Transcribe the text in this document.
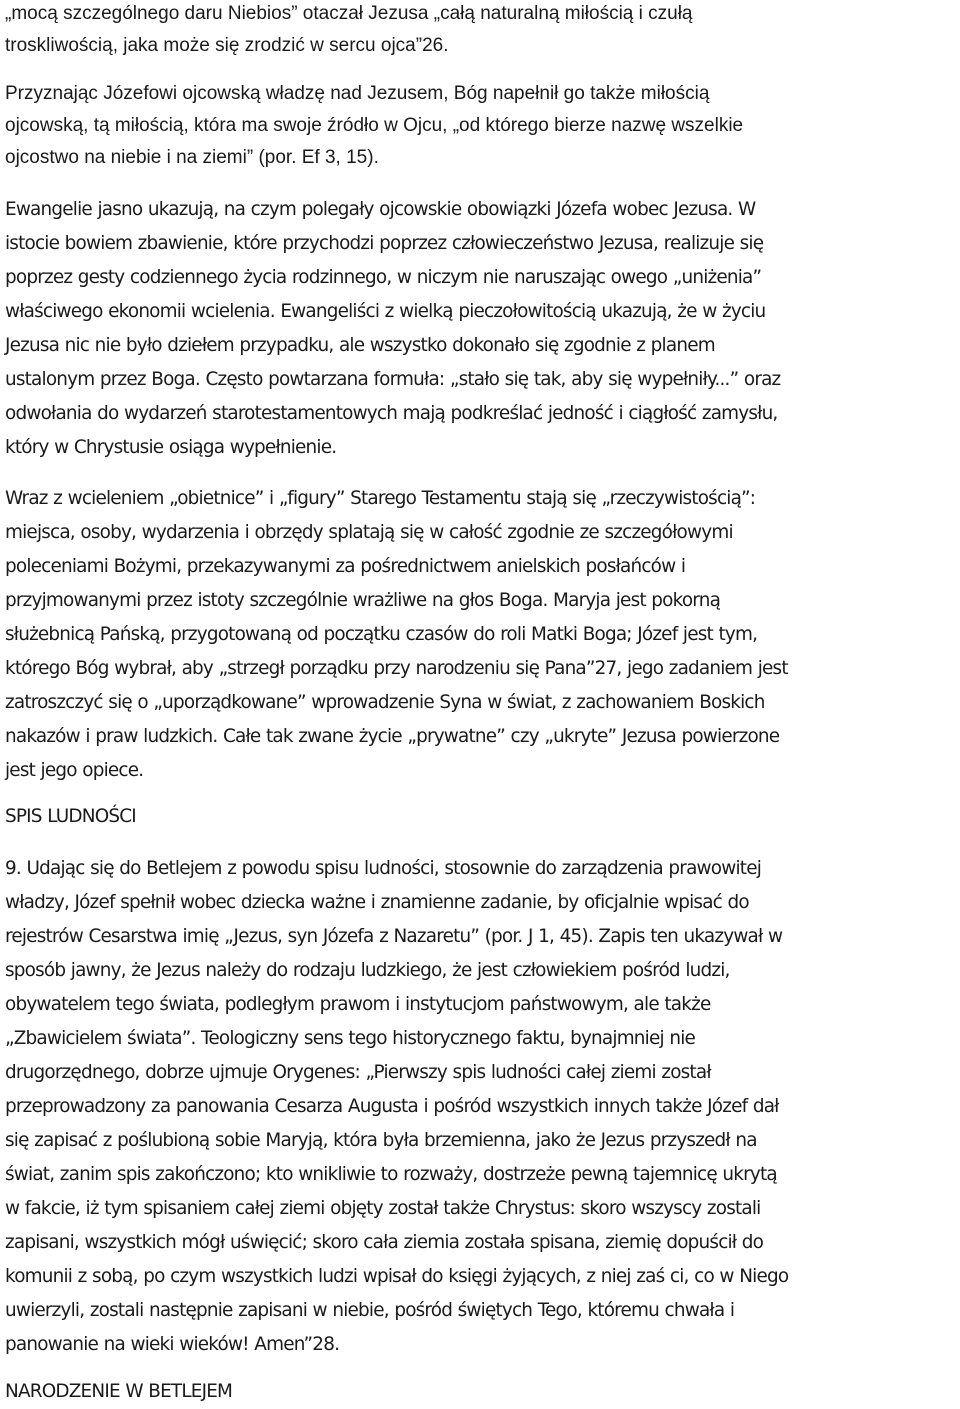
„mocą szczególnego daru Niebios” otaczał Jezusa „całą naturalną miłością i czułą
troskliwością, jaka może się zrodzić w sercu ojca”26.

Przyznając Józefowi ojcowską władzę nad Jezusem, Bóg napełnił go także miłością
ojcowską, tą miłością, która ma swoje źródło w Ojcu, „od którego bierze nazwę wszelkie
ojcostwo na niebie i na ziemi” (por. Ef 3, 15).

Ewangelie jasno ukazują, na czym polegały ojcowskie obowiązki Józefa wobec Jezusa. W
istocie bowiem zbawienie, które przychodzi poprzez człowieczeństwo Jezusa, realizuje się
poprzez gesty codziennego życia rodzinnego, w niczym nie naruszając owego „uniżenia”
właściwego ekonomii wcielenia. Ewangeliści z wielką pieczołowitością ukazują, że w życiu
Jezusa nic nie było dziełem przypadku, ale wszystko dokonało się zgodnie z planem
ustalonym przez Boga. Często powtarzana formuła: „stało się tak, aby się wypełniły...” oraz
odwołania do wydarzeń starotestamentowych mają podkreślać jedność i ciągłość zamysłu,
który w Chrystusie osiąga wypełnienie.

Wraz z wcieleniem „obietnice” i „figury” Starego Testamentu stają się „rzeczywistością”:
miejsca, osoby, wydarzenia i obrzędy splatają się w całość zgodnie ze szczegółowymi
poleceniami Bożymi, przekazywanymi za pośrednictwem anielskich posłańców i
przyjmowanymi przez istoty szczególnie wrażliwe na głos Boga. Maryja jest pokorną
służebnicą Pańską, przygotowaną od początku czasów do roli Matki Boga; Józef jest tym,
którego Bóg wybrał, aby „strzegł porządku przy narodzeniu się Pana”27, jego zadaniem jest
zatroszczyć się o „uporządkowane” wprowadzenie Syna w świat, z zachowaniem Boskich
nakazów i praw ludzkich. Całe tak zwane życie „prywatne” czy „ukryte” Jezusa powierzone
jest jego opiece.

SPIS LUDNOŚCI

9. Udając się do Betlejem z powodu spisu ludności, stosownie do zarządzenia prawowitej
władzy, Józef spełnił wobec dziecka ważne i znamienne zadanie, by oficjalnie wpisać do
rejestrów Cesarstwa imię „Jezus, syn Józefa z Nazaretu” (por. J 1, 45). Zapis ten ukazywał w
sposób jawny, że Jezus należy do rodzaju ludzkiego, że jest człowiekiem pośród ludzi,
obywatelem tego świata, podległym prawom i instytucjom państwowym, ale także
„Zbawicielem świata”. Teologiczny sens tego historycznego faktu, bynajmniej nie
drugorzędnego, dobrze ujmuje Orygenes: „Pierwszy spis ludności całej ziemi został
przeprowadzony za panowania Cesarza Augusta i pośród wszystkich innych także Józef dał
się zapisać z poślubioną sobie Maryją, która była brzemienna, jako że Jezus przyszedł na
świat, zanim spis zakończono; kto wnikliwie to rozważy, dostrzeże pewną tajemnicę ukrytą
w fakcie, iż tym spisaniem całej ziemi objęty został także Chrystus: skoro wszyscy zostali
zapisani, wszystkich mógł uświęcić; skoro cała ziemia została spisana, ziemię dopuścił do
komunii z sobą, po czym wszystkich ludzi wpisał do księgi żyjących, z niej zaś ci, co w Niego
uwierzyli, zostali następnie zapisani w niebie, pośród świętych Tego, któremu chwała i
panowanie na wieki wieków! Amen”28.

NARODZENIE W BETLEJEM
